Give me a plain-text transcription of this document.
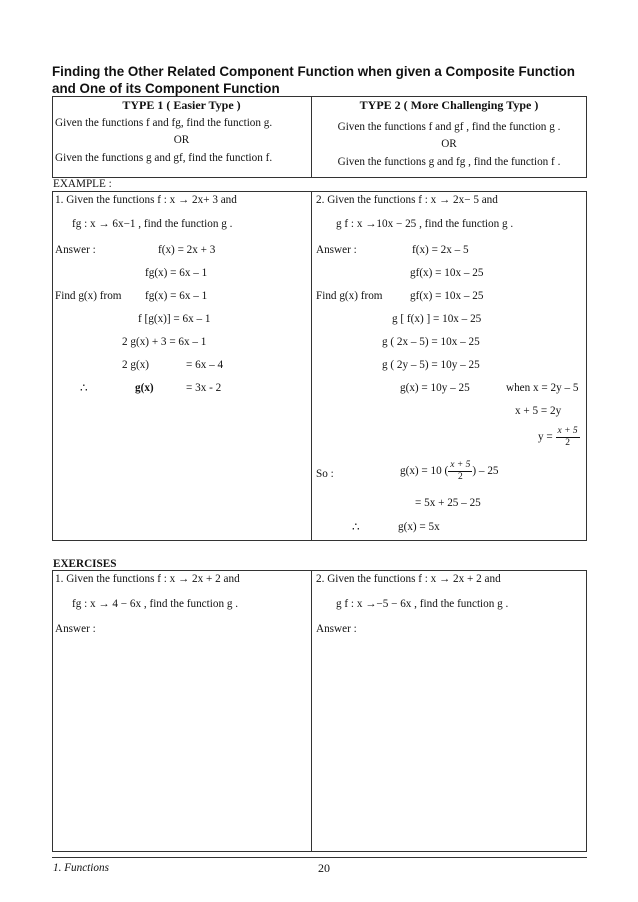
Finding the Other Related Component Function when given a Composite Function
and One of its Component Function
TYPE 1 ( Easier Type )
Given the functions f and fg, find the function g.
OR
Given the functions g and gf, find the function f.
TYPE 2 ( More Challenging Type )
Given the functions f and gf , find the function g .
OR
Given the functions g and fg , find the function f .
EXAMPLE :
1. Given the functions f : x → 2x+ 3 and
fg : x → 6x−1 , find the function g .
Answer :	f(x) = 2x + 3
fg(x) = 6x – 1
Find g(x) from fg(x) = 6x – 1
f [g(x)] = 6x – 1
2 g(x) + 3 = 6x – 1
2 g(x)	= 6x – 4
∴	g(x)	= 3x - 2
2. Given the functions f : x → 2x− 5 and
g f : x →10x − 25 , find the function g .
Answer :	f(x) = 2x – 5
gf(x) = 10x – 25
Find g(x) from gf(x) = 10x – 25
g [ f(x) ] = 10x – 25
g ( 2x – 5) = 10x – 25
g ( 2y – 5) = 10y – 25
g(x) = 10y – 25	when x = 2y – 5
x + 5 = 2y
$y = \frac{x + 5}{2}$
So :	g(x) = 10 ( $\frac{x + 5}{2}$ ) – 25
= 5x + 25 – 25
∴	g(x) = 5x
EXERCISES
1. Given the functions f : x → 2x + 2 and
fg : x → 4 − 6x , find the function g .
Answer :
2. Given the functions f : x → 2x + 2 and
g f : x →−5 − 6x , find the function g .
Answer :
1. Functions	20
